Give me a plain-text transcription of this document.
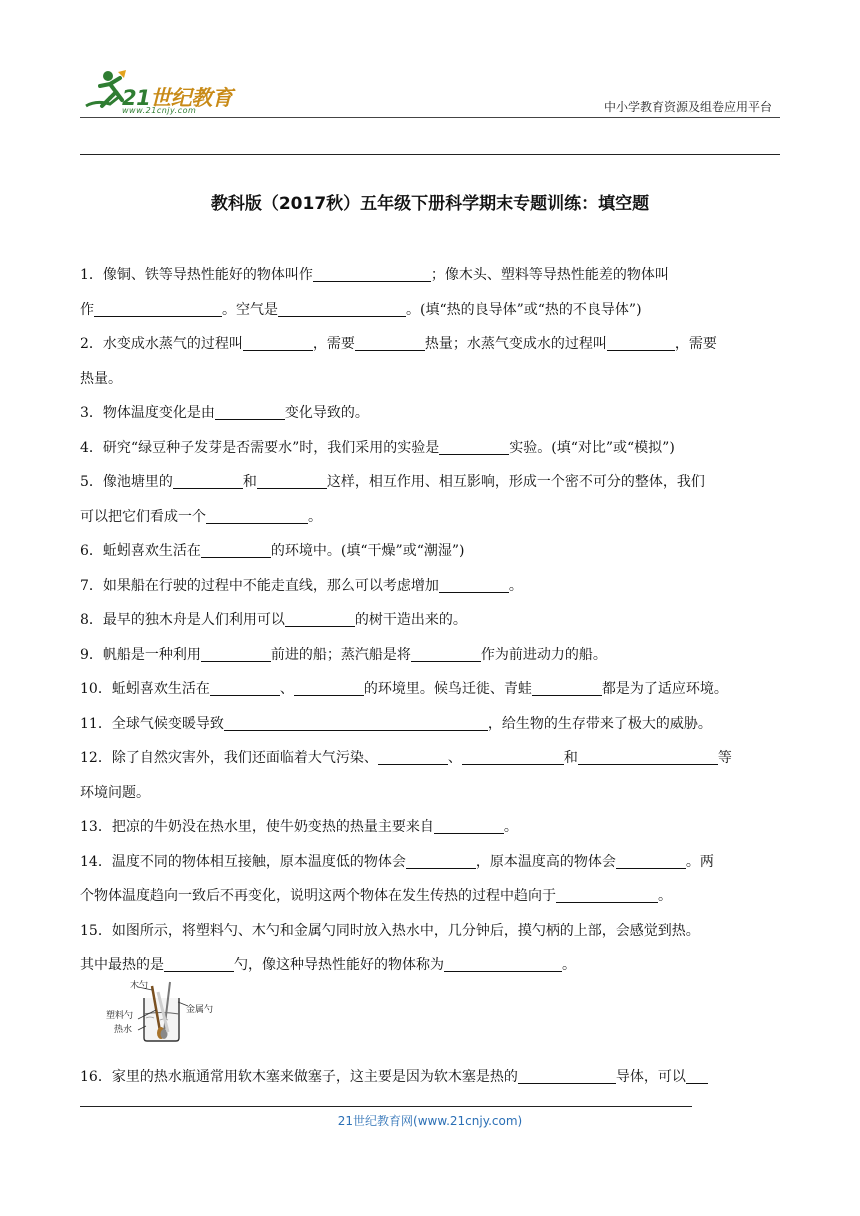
21世纪教育
www.21cnjy.com	中小学教育资源及组卷应用平台
教科版（2017秋）五年级下册科学期末专题训练：填空题

1．像铜、铁等导热性能好的物体叫作	；像木头、塑料等导热性能差的物体叫

作	。空气是	。(填“热的良导体”或“热的不良导体”)

2．水变成水蒸气的过程叫	，需要	热量；水蒸气变成水的过程叫	，需要

热量。

3．物体温度变化是由	变化导致的。

4．研究“绿豆种子发芽是否需要水”时，我们采用的实验是	实验。(填“对比”或“模拟”)

5．像池塘里的	和	这样，相互作用、相互影响，形成一个密不可分的整体，我们

可以把它们看成一个	。

6．蚯蚓喜欢生活在	的环境中。(填“干燥”或“潮湿”)

7．如果船在行驶的过程中不能走直线，那么可以考虑增加	。

8．最早的独木舟是人们利用可以	的树干造出来的。

9．帆船是一种利用	前进的船；蒸汽船是将	作为前进动力的船。

10．蚯蚓喜欢生活在	、	的环境里。候鸟迁徙、青蛙	都是为了适应环境。

11．全球气候变暖导致	，给生物的生存带来了极大的威胁。

12．除了自然灾害外，我们还面临着大气污染、	、	和	等

环境问题。

13．把凉的牛奶没在热水里，使牛奶变热的热量主要来自	。

14．温度不同的物体相互接触，原本温度低的物体会	，原本温度高的物体会	。两

个物体温度趋向一致后不再变化，说明这两个物体在发生传热的过程中趋向于	。

15．如图所示，将塑料勺、木勺和金属勺同时放入热水中，几分钟后，摸勺柄的上部，会感觉到热。

其中最热的是	勺，像这种导热性能好的物体称为	。

木勺
金属勺
塑料勺
热水

16．家里的热水瓶通常用软木塞来做塞子，这主要是因为软木塞是热的	导体，可以

21世纪教育网(www.21cnjy.com)
